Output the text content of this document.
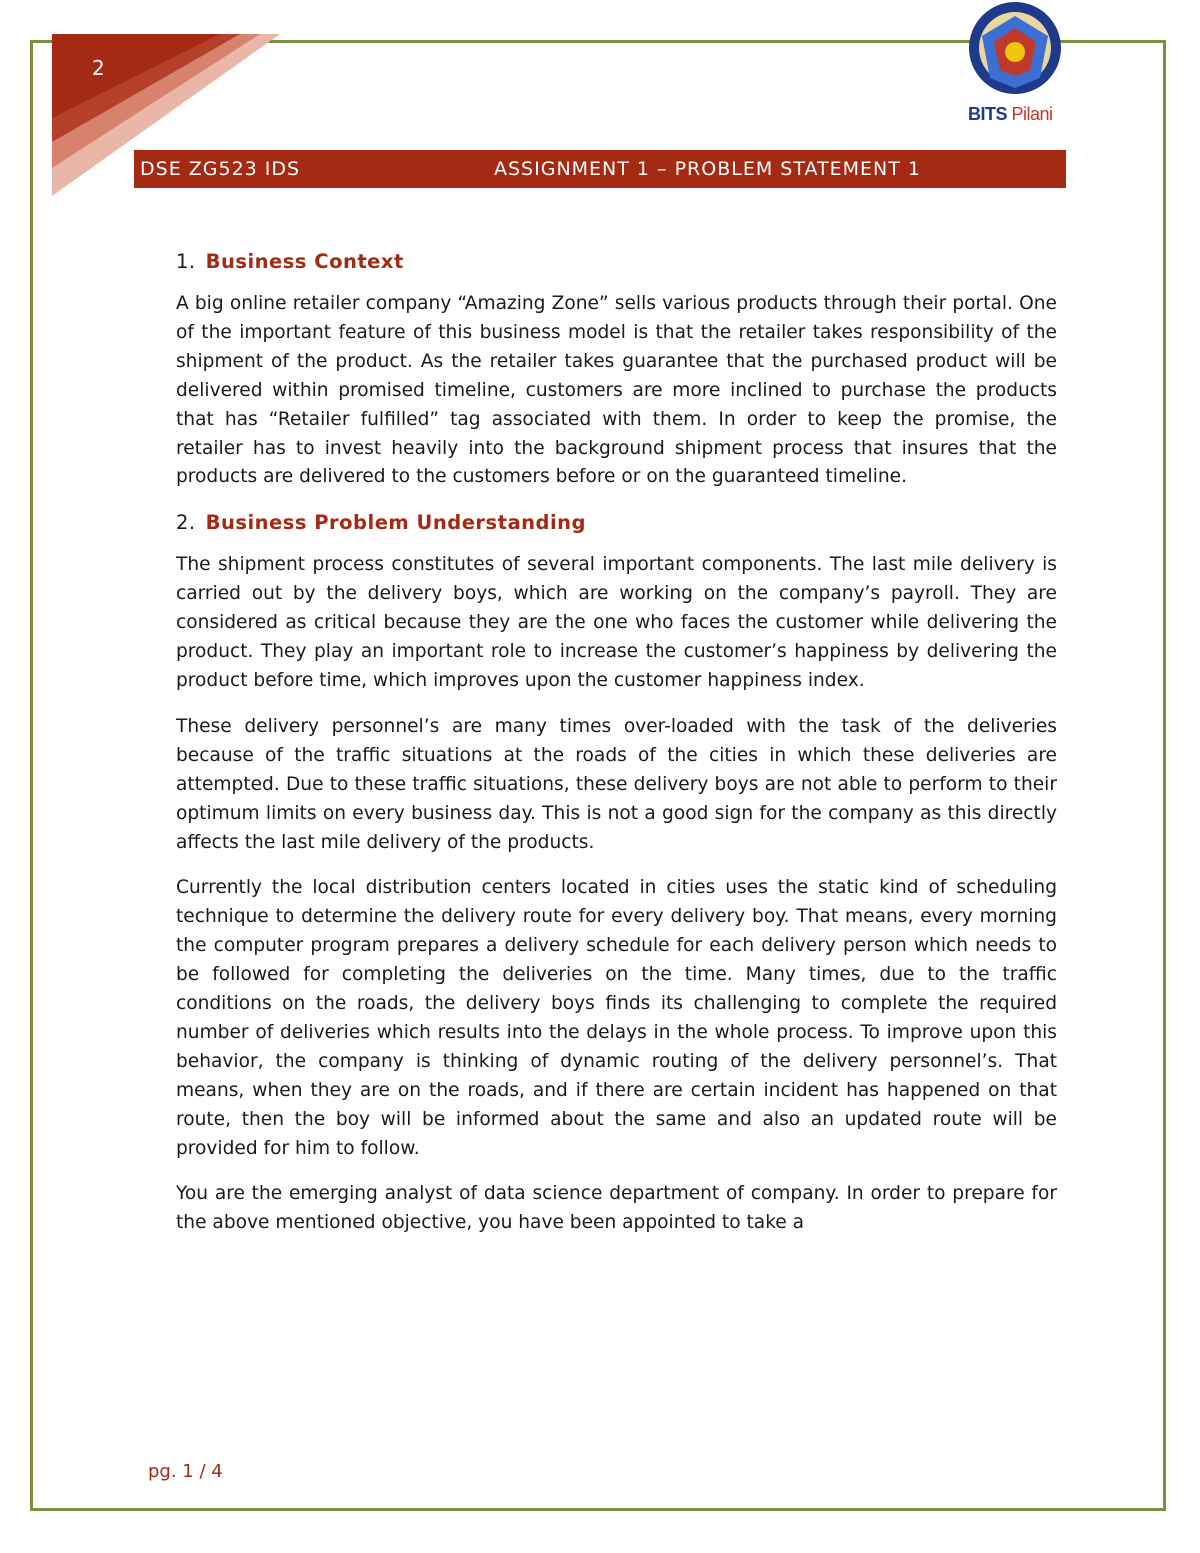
2
BITS Pilani
DSE ZG523 IDS	ASSIGNMENT 1 – PROBLEM STATEMENT 1
1. Business Context

A big online retailer company “Amazing Zone” sells various products through their portal. One of the important feature of this business model is that the retailer takes responsibility of the shipment of the product. As the retailer takes guarantee that the purchased product will be delivered within promised timeline, customers are more inclined to purchase the products that has “Retailer fulfilled” tag associated with them. In order to keep the promise, the retailer has to invest heavily into the background shipment process that insures that the products are delivered to the customers before or on the guaranteed timeline.

2. Business Problem Understanding

The shipment process constitutes of several important components. The last mile delivery is carried out by the delivery boys, which are working on the company’s payroll. They are considered as critical because they are the one who faces the customer while delivering the product. They play an important role to increase the customer’s happiness by delivering the product before time, which improves upon the customer happiness index.

These delivery personnel’s are many times over-loaded with the task of the deliveries because of the traffic situations at the roads of the cities in which these deliveries are attempted. Due to these traffic situations, these delivery boys are not able to perform to their optimum limits on every business day. This is not a good sign for the company as this directly affects the last mile delivery of the products.

Currently the local distribution centers located in cities uses the static kind of scheduling technique to determine the delivery route for every delivery boy. That means, every morning the computer program prepares a delivery schedule for each delivery person which needs to be followed for completing the deliveries on the time. Many times, due to the traffic conditions on the roads, the delivery boys finds its challenging to complete the required number of deliveries which results into the delays in the whole process. To improve upon this behavior, the company is thinking of dynamic routing of the delivery personnel’s. That means, when they are on the roads, and if there are certain incident has happened on that route, then the boy will be informed about the same and also an updated route will be provided for him to follow.

You are the emerging analyst of data science department of company. In order to prepare for the above mentioned objective, you have been appointed to take a

pg. 1 / 4
